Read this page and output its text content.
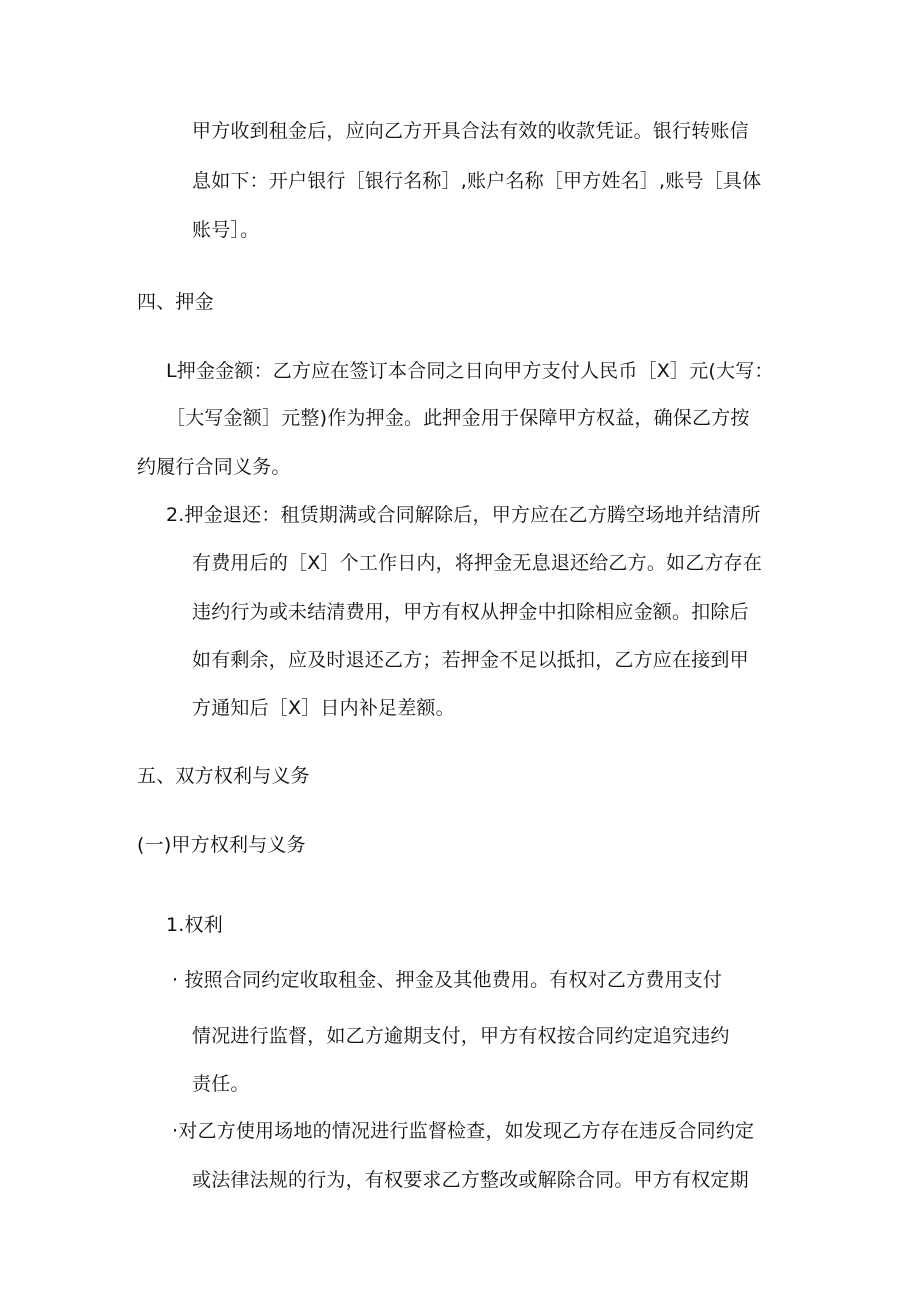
甲方收到租金后，应向乙方开具合法有效的收款凭证。银行转账信
息如下：开户银行［银行名称］,账户名称［甲方姓名］,账号［具体
账号］。
四、押金
L押金金额：乙方应在签订本合同之日向甲方支付人民币［X］元(大写：
［大写金额］元整)作为押金。此押金用于保障甲方权益，确保乙方按
约履行合同义务。
2.押金退还：租赁期满或合同解除后，甲方应在乙方腾空场地并结清所
有费用后的［X］个工作日内，将押金无息退还给乙方。如乙方存在
违约行为或未结清费用，甲方有权从押金中扣除相应金额。扣除后
如有剩余，应及时退还乙方；若押金不足以抵扣，乙方应在接到甲
方通知后［X］日内补足差额。
五、双方权利与义务
(一)甲方权利与义务
1.权利
· 按照合同约定收取租金、押金及其他费用。有权对乙方费用支付
情况进行监督，如乙方逾期支付，甲方有权按合同约定追究违约
责任。
·对乙方使用场地的情况进行监督检查，如发现乙方存在违反合同约定
或法律法规的行为，有权要求乙方整改或解除合同。甲方有权定期
